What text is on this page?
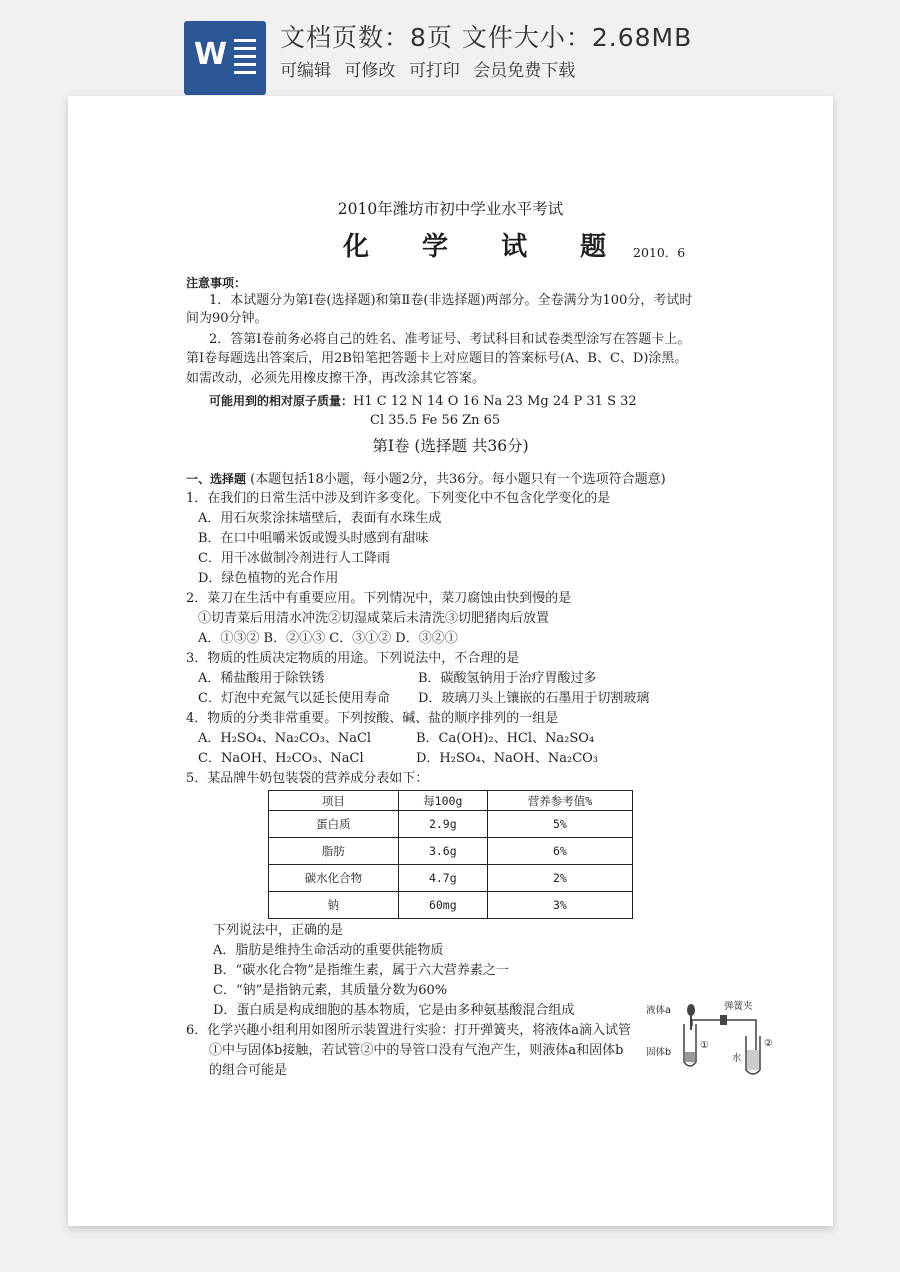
W 文档页数：8页 文件大小：2.68MB
可编辑 可修改 可打印 会员免费下载
2010年潍坊市初中学业水平考试
化 学 试 题 2010．6
注意事项：
1．本试题分为第Ⅰ卷(选择题)和第Ⅱ卷(非选择题)两部分。全卷满分为100分，考试时
间为90分钟。
2．答第Ⅰ卷前务必将自己的姓名、准考证号、考试科目和试卷类型涂写在答题卡上。
第Ⅰ卷每题选出答案后，用2B铅笔把答题卡上对应题目的答案标号(A、B、C、D)涂黑。
如需改动，必须先用橡皮擦干净，再改涂其它答案。
可能用到的相对原子质量：H1 C 12 N 14 O 16 Na 23 Mg 24 P 31 S 32
Cl 35.5 Fe 56 Zn 65
第Ⅰ卷 (选择题 共36分)
一、选择题 (本题包括18小题，每小题2分，共36分。每小题只有一个选项符合题意)
1．在我们的日常生活中涉及到许多变化。下列变化中不包含化学变化的是
A．用石灰浆涂抹墙壁后，表面有水珠生成
B．在口中咀嚼米饭或馒头时感到有甜味
C．用干冰做制冷剂进行人工降雨
D．绿色植物的光合作用
2．菜刀在生活中有重要应用。下列情况中，菜刀腐蚀由快到慢的是
①切青菜后用清水冲洗②切湿咸菜后未清洗③切肥猪肉后放置
A．①③② B．②①③ C．③①② D．③②①
3．物质的性质决定物质的用途。下列说法中，不合理的是
A．稀盐酸用于除铁锈	B．碳酸氢钠用于治疗胃酸过多
C．灯泡中充氮气以延长使用寿命 D．玻璃刀头上镶嵌的石墨用于切割玻璃
4．物质的分类非常重要。下列按酸、碱、盐的顺序排列的一组是
A．H₂SO₄、Na₂CO₃、NaCl	B．Ca(OH)₂、HCl、Na₂SO₄
C．NaOH、H₂CO₃、NaCl	D．H₂SO₄、NaOH、Na₂CO₃
5．某品牌牛奶包装袋的营养成分表如下：
项目	每100g	营养参考值%
蛋白质	2.9g	5%
脂肪	3.6g	6%
碳水化合物	4.7g	2%
钠	60mg	3%
下列说法中，正确的是
A．脂肪是维持生命活动的重要供能物质
B．“碳水化合物”是指维生素，属于六大营养素之一
C．“钠”是指钠元素，其质量分数为60%
D．蛋白质是构成细胞的基本物质，它是由多种氨基酸混合组成
6．化学兴趣小组利用如图所示装置进行实验：打开弹簧夹，将液体a滴入试管
①中与固体b接触，若试管②中的导管口没有气泡产生，则液体a和固体b
的组合可能是
液体a	弹簧夹
固体b
①	②
水
